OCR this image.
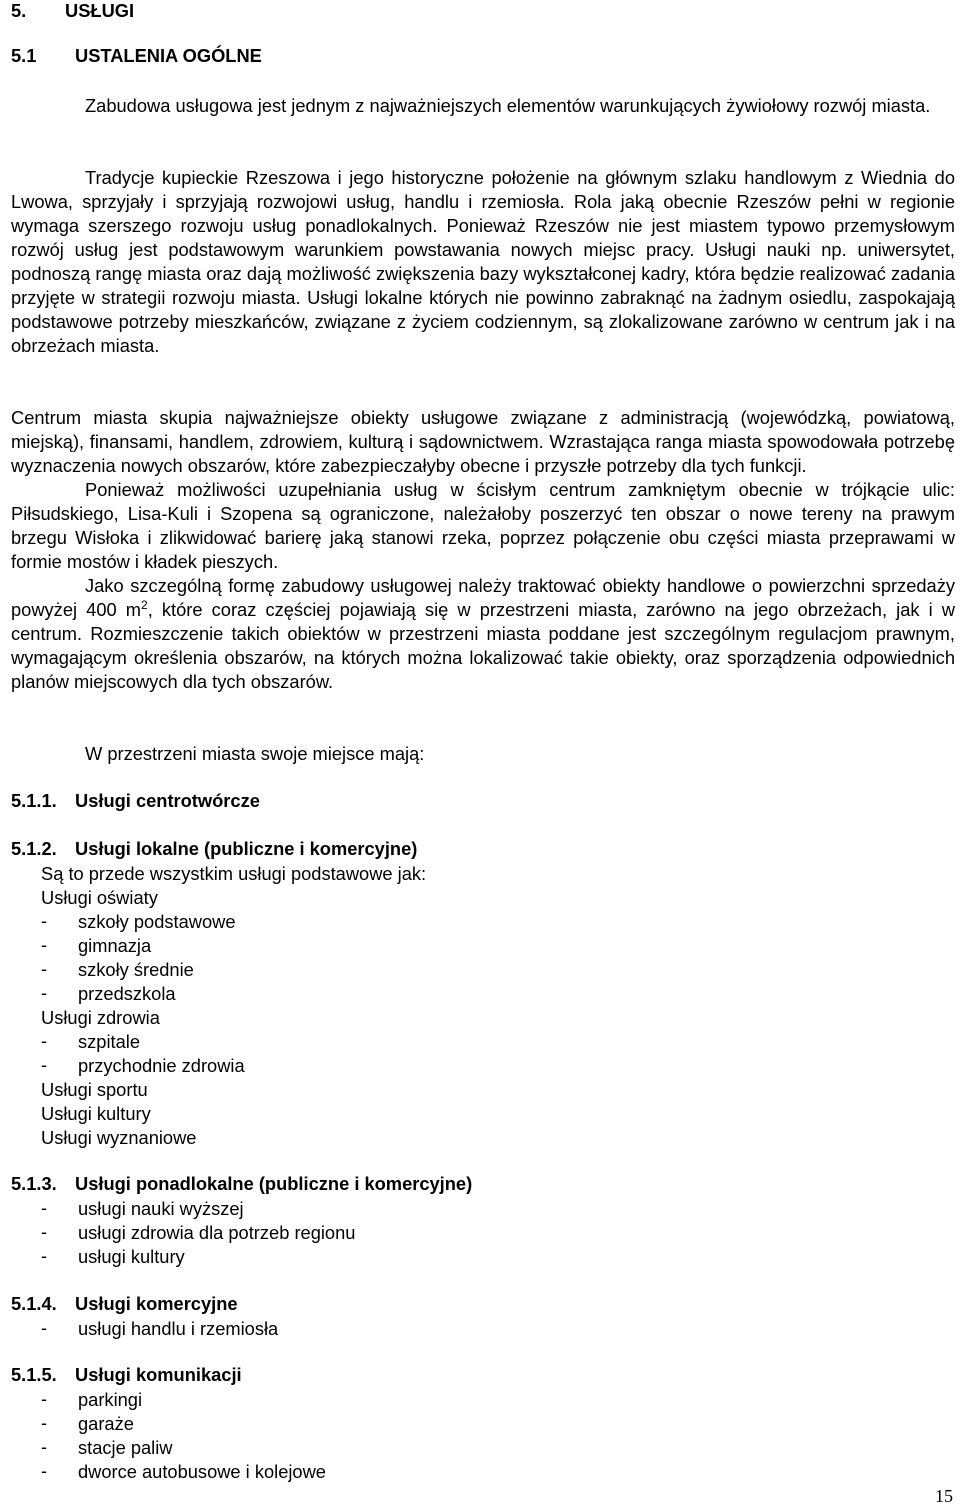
5. USŁUGI
5.1 USTALENIA OGÓLNE

Zabudowa usługowa jest jednym z najważniejszych elementów warunkujących żywiołowy rozwój miasta.

Tradycje kupieckie Rzeszowa i jego historyczne położenie na głównym szlaku handlowym z Wiednia do Lwowa, sprzyjały i sprzyjają rozwojowi usług, handlu i rzemiosła. Rola jaką obecnie Rzeszów pełni w regionie wymaga szerszego rozwoju usług ponadlokalnych. Ponieważ Rzeszów nie jest miastem typowo przemysłowym rozwój usług jest podstawowym warunkiem powstawania nowych miejsc pracy. Usługi nauki np. uniwersytet, podnoszą rangę miasta oraz dają możliwość zwiększenia bazy wykształconej kadry, która będzie realizować zadania przyjęte w strategii rozwoju miasta. Usługi lokalne których nie powinno zabraknąć na żadnym osiedlu, zaspokajają podstawowe potrzeby mieszkańców, związane z życiem codziennym, są zlokalizowane zarówno w centrum jak i na obrzeżach miasta.

Centrum miasta skupia najważniejsze obiekty usługowe związane z administracją (wojewódzką, powiatową, miejską), finansami, handlem, zdrowiem, kulturą i sądownictwem. Wzrastająca ranga miasta spowodowała potrzebę wyznaczenia nowych obszarów, które zabezpieczałyby obecne i przyszłe potrzeby dla tych funkcji.

Ponieważ możliwości uzupełniania usług w ścisłym centrum zamkniętym obecnie w trójkącie ulic: Piłsudskiego, Lisa-Kuli i Szopena są ograniczone, należałoby poszerzyć ten obszar o nowe tereny na prawym brzegu Wisłoka i zlikwidować barierę jaką stanowi rzeka, poprzez połączenie obu części miasta przeprawami w formie mostów i kładek pieszych.

Jako szczególną formę zabudowy usługowej należy traktować obiekty handlowe o powierzchni sprzedaży powyżej 400 $m^2$, które coraz częściej pojawiają się w przestrzeni miasta, zarówno na jego obrzeżach, jak i w centrum. Rozmieszczenie takich obiektów w przestrzeni miasta poddane jest szczególnym regulacjom prawnym, wymagającym określenia obszarów, na których można lokalizować takie obiekty, oraz sporządzenia odpowiednich planów miejscowych dla tych obszarów.

W przestrzeni miasta swoje miejsce mają:
5.1.1. Usługi centrotwórcze
5.1.2. Usługi lokalne (publiczne i komercyjne)
Są to przede wszystkim usługi podstawowe jak:
Usługi oświaty
- szkoły podstawowe
- gimnazja
- szkoły średnie
- przedszkola
Usługi zdrowia
- szpitale
- przychodnie zdrowia
Usługi sportu
Usługi kultury
Usługi wyznaniowe
5.1.3. Usługi ponadlokalne (publiczne i komercyjne)
- usługi nauki wyższej
- usługi zdrowia dla potrzeb regionu
- usługi kultury
5.1.4. Usługi komercyjne
- usługi handlu i rzemiosła
5.1.5. Usługi komunikacji
- parkingi
- garaże
- stacje paliw
- dworce autobusowe i kolejowe
15
